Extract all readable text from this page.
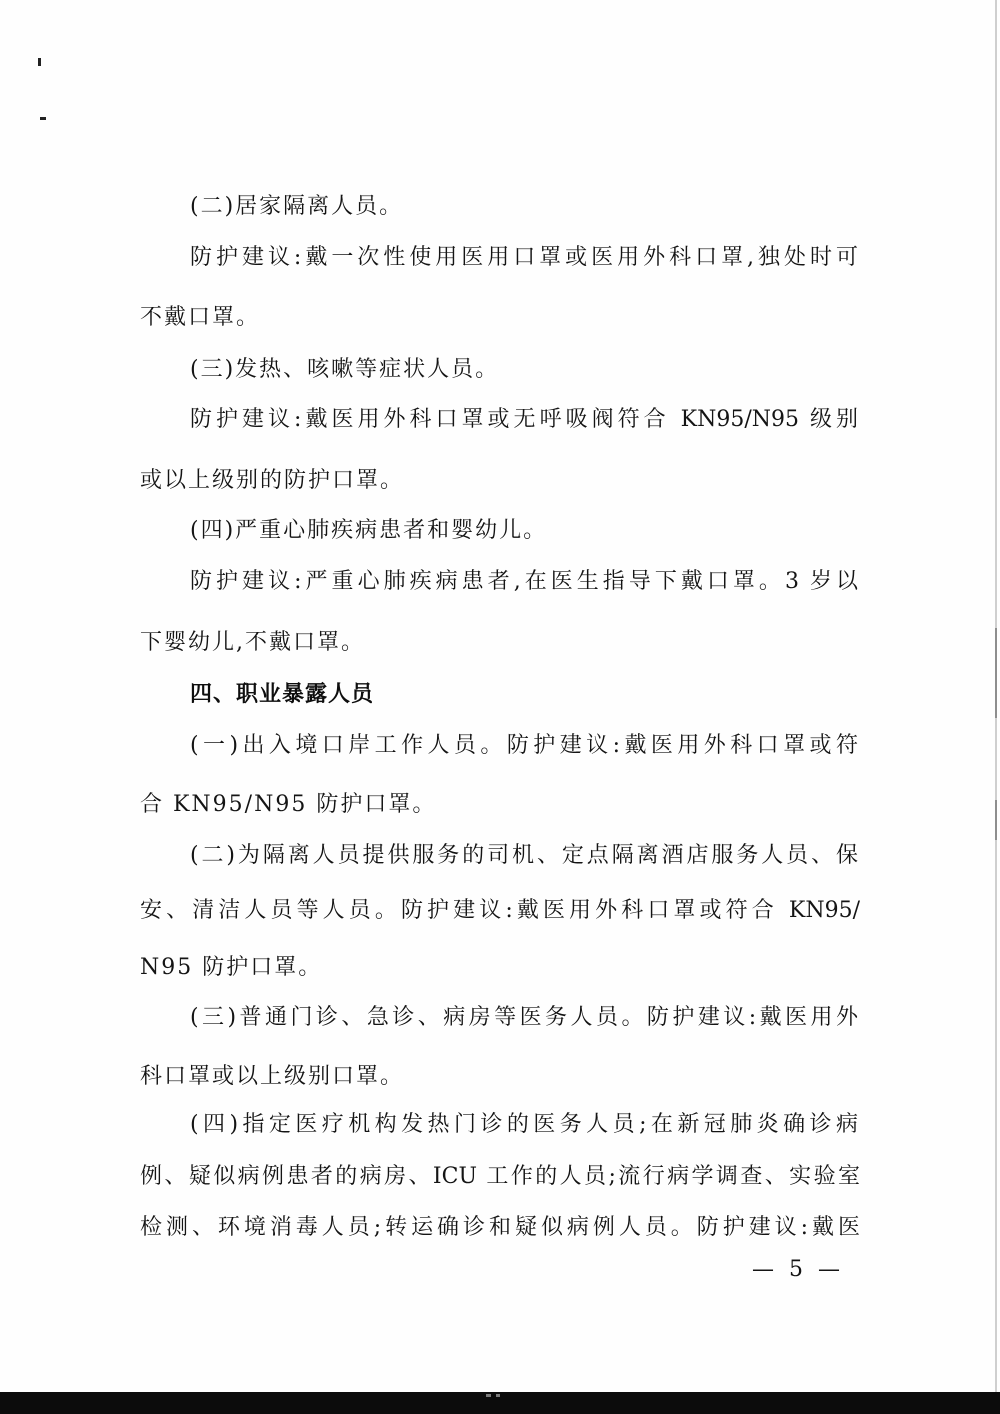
(二)居家隔离人员。
防护建议:戴一次性使用医用口罩或医用外科口罩,独处时可
不戴口罩。
(三)发热、咳嗽等症状人员。
防护建议:戴医用外科口罩或无呼吸阀符合 KN95/N95 级别
或以上级别的防护口罩。
(四)严重心肺疾病患者和婴幼儿。
防护建议:严重心肺疾病患者,在医生指导下戴口罩。3 岁以
下婴幼儿,不戴口罩。
四、职业暴露人员
(一)出入境口岸工作人员。防护建议:戴医用外科口罩或符
合 KN95/N95 防护口罩。
(二)为隔离人员提供服务的司机、定点隔离酒店服务人员、保
安、清洁人员等人员。防护建议:戴医用外科口罩或符合 KN95/
N95 防护口罩。
(三)普通门诊、急诊、病房等医务人员。防护建议:戴医用外
科口罩或以上级别口罩。
(四)指定医疗机构发热门诊的医务人员;在新冠肺炎确诊病
例、疑似病例患者的病房、ICU 工作的人员;流行病学调查、实验室
检测、环境消毒人员;转运确诊和疑似病例人员。防护建议:戴医
— 5 —
